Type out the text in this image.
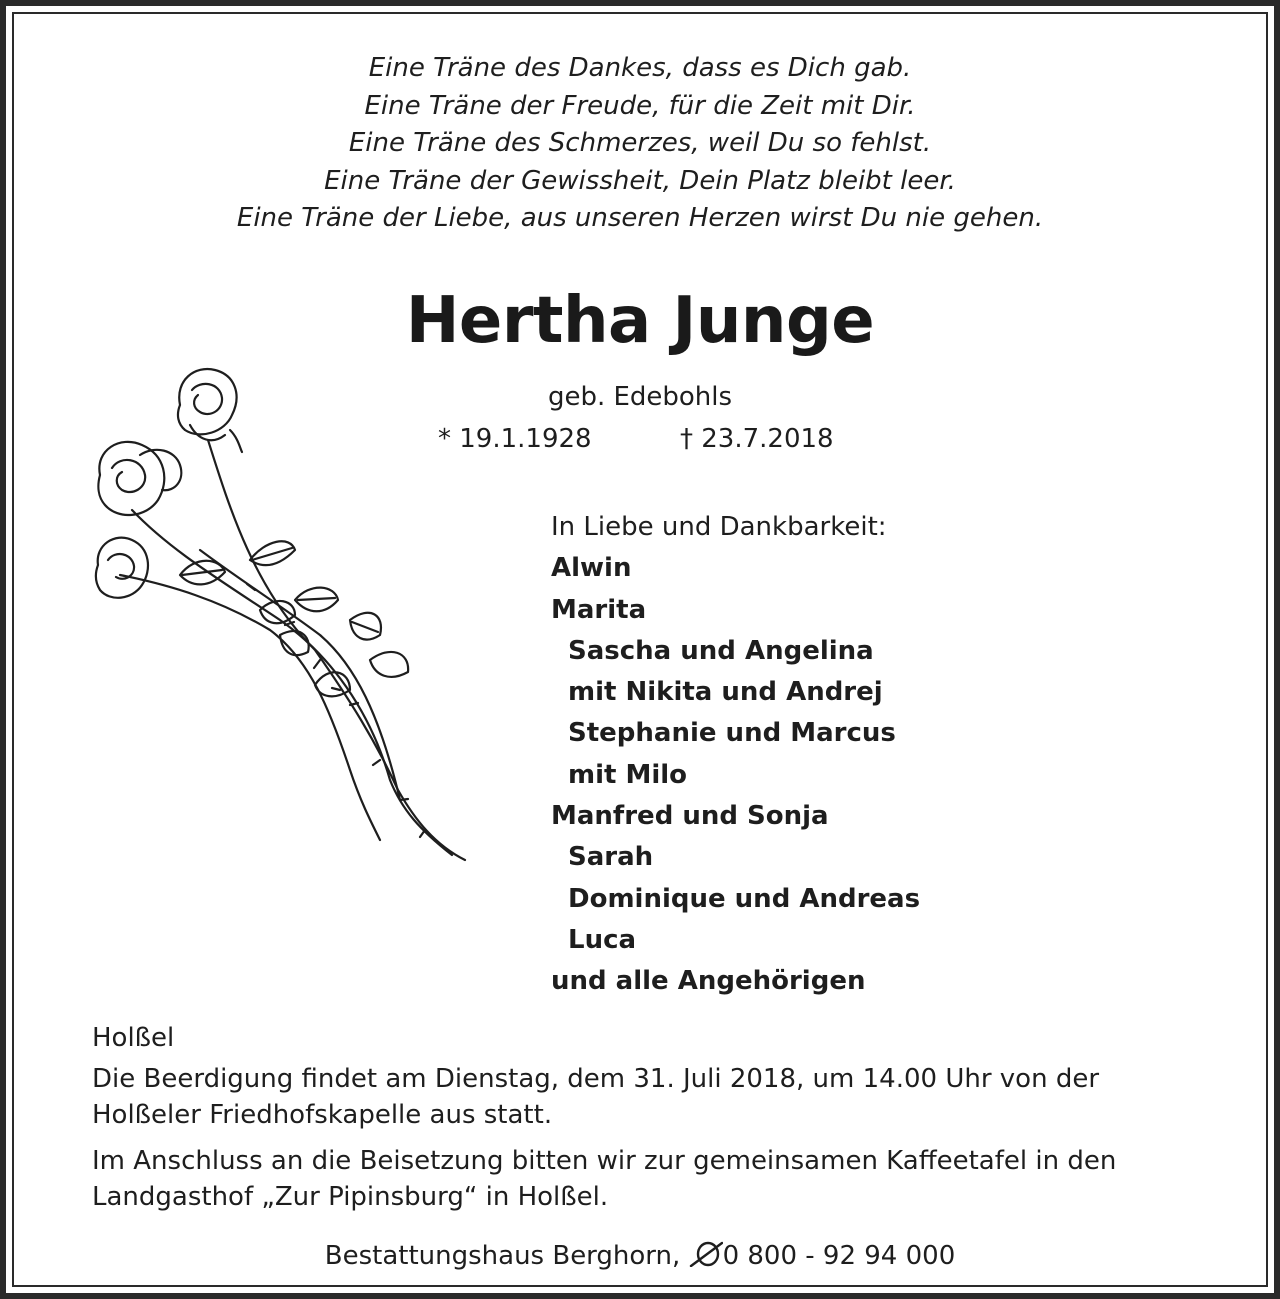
Eine Träne des Dankes, dass es Dich gab.
Eine Träne der Freude, für die Zeit mit Dir.
Eine Träne des Schmerzes, weil Du so fehlst.
Eine Träne der Gewissheit, Dein Platz bleibt leer.
Eine Träne der Liebe, aus unseren Herzen wirst Du nie gehen.
Hertha Junge
geb. Edebohls
* 19.1.1928	† 23.7.2018
In Liebe und Dankbarkeit:
Alwin
Marita
Sascha und Angelina
mit Nikita und Andrej
Stephanie und Marcus
mit Milo
Manfred und Sonja
Sarah
Dominique und Andreas
Luca
und alle Angehörigen
Holßel
Die Beerdigung findet am Dienstag, dem 31. Juli 2018, um 14.00 Uhr von der Holßeler Friedhofskapelle aus statt.
Im Anschluss an die Beisetzung bitten wir zur gemeinsamen Kaffeetafel in den Landgasthof „Zur Pipinsburg“ in Holßel.
Bestattungshaus Berghorn, 0 800 - 92 94 000
